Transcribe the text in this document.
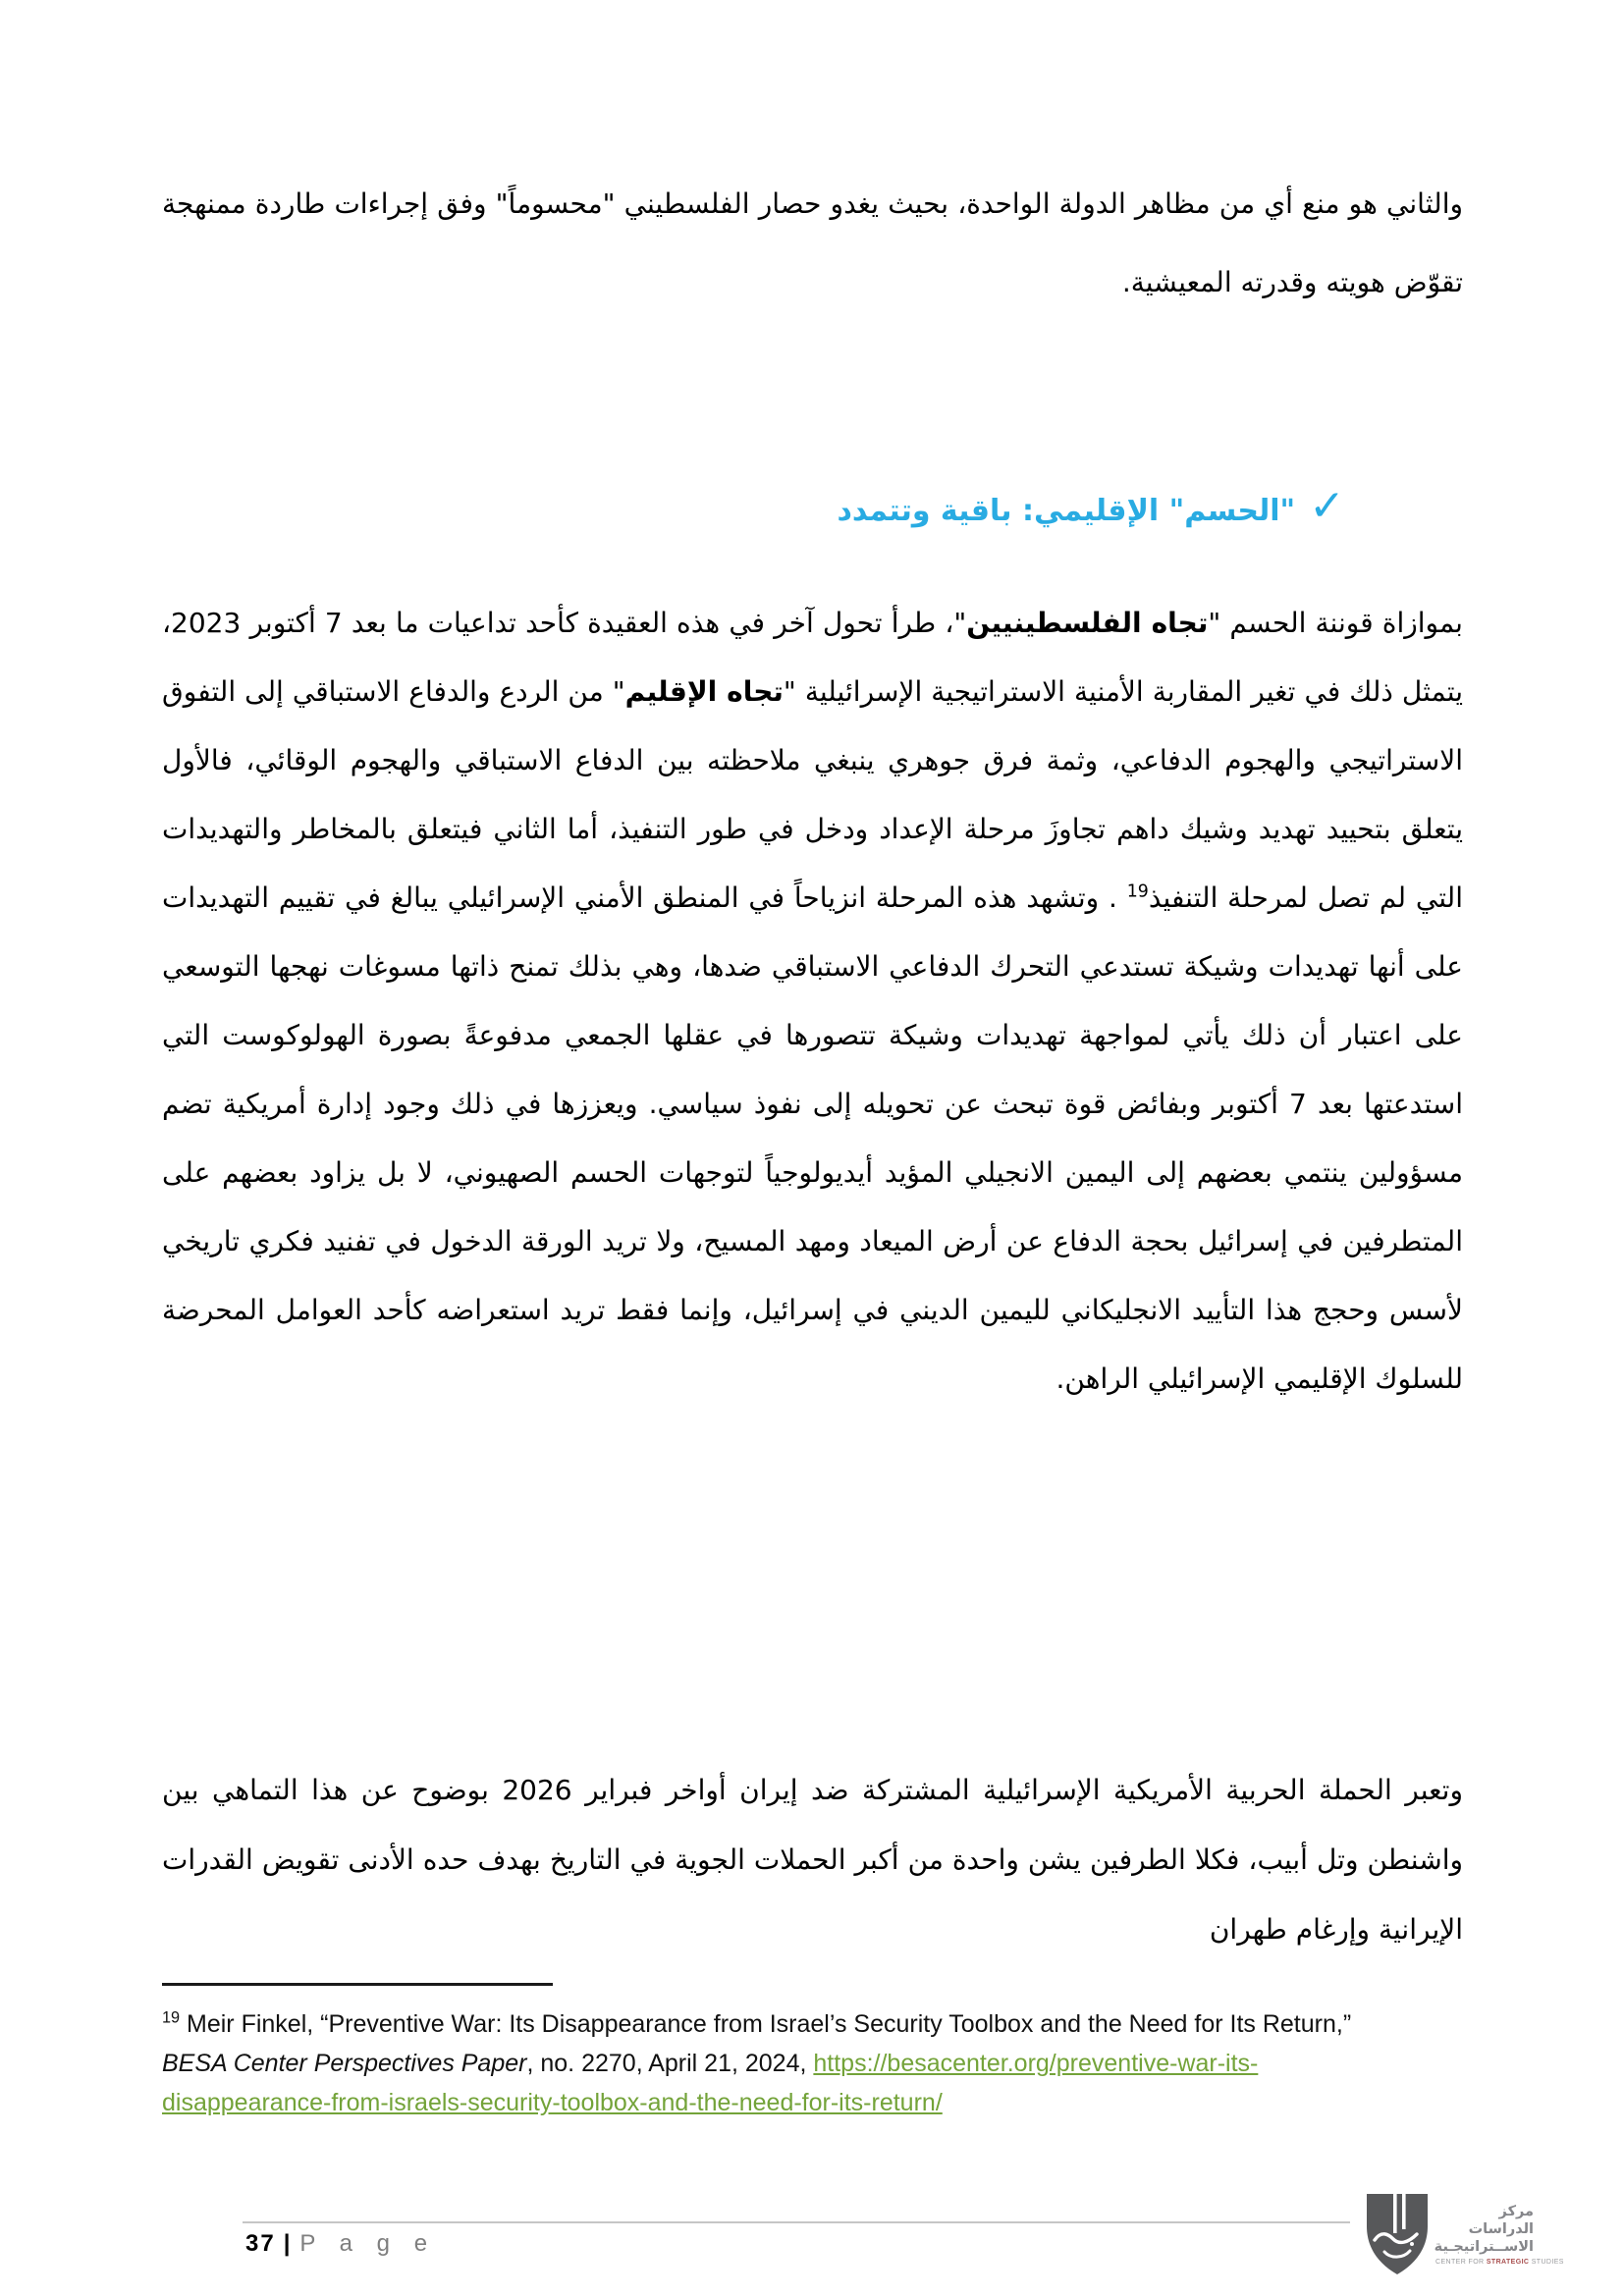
والثاني هو منع أي من مظاهر الدولة الواحدة، بحيث يغدو حصار الفلسطيني "محسوماً" وفق إجراءات طاردة ممنهجة تقوّض هويته وقدرته المعيشية.

✓
"الحسم" الإقليمي: باقية وتتمدد

بموازاة قوننة الحسم "تجاه الفلسطينيين"، طرأ تحول آخر في هذه العقيدة كأحد تداعيات ما بعد 7 أكتوبر 2023، يتمثل ذلك في تغير المقاربة الأمنية الاستراتيجية الإسرائيلية "تجاه الإقليم" من الردع والدفاع الاستباقي إلى التفوق الاستراتيجي والهجوم الدفاعي، وثمة فرق جوهري ينبغي ملاحظته بين الدفاع الاستباقي والهجوم الوقائي، فالأول يتعلق بتحييد تهديد وشيك داهم تجاوزَ مرحلة الإعداد ودخل في طور التنفيذ، أما الثاني فيتعلق بالمخاطر والتهديدات التي لم تصل لمرحلة التنفيذ$^{19}$ . وتشهد هذه المرحلة انزياحاً في المنطق الأمني الإسرائيلي يبالغ في تقييم التهديدات على أنها تهديدات وشيكة تستدعي التحرك الدفاعي الاستباقي ضدها، وهي بذلك تمنح ذاتها مسوغات نهجها التوسعي على اعتبار أن ذلك يأتي لمواجهة تهديدات وشيكة تتصورها في عقلها الجمعي مدفوعةً بصورة الهولوكوست التي استدعتها بعد 7 أكتوبر وبفائض قوة تبحث عن تحويله إلى نفوذ سياسي. ويعززها في ذلك وجود إدارة أمريكية تضم مسؤولين ينتمي بعضهم إلى اليمين الانجيلي المؤيد أيديولوجياً لتوجهات الحسم الصهيوني، لا بل يزاود بعضهم على المتطرفين في إسرائيل بحجة الدفاع عن أرض الميعاد ومهد المسيح، ولا تريد الورقة الدخول في تفنيد فكري تاريخي لأسس وحجج هذا التأييد الانجليكاني لليمين الديني في إسرائيل، وإنما فقط تريد استعراضه كأحد العوامل المحرضة للسلوك الإقليمي الإسرائيلي الراهن.

وتعبر الحملة الحربية الأمريكية الإسرائيلية المشتركة ضد إيران أواخر فبراير 2026 بوضوح عن هذا التماهي بين واشنطن وتل أبيب، فكلا الطرفين يشن واحدة من أكبر الحملات الجوية في التاريخ بهدف حده الأدنى تقويض القدرات الإيرانية وإرغام طهران

$^{19}$ Meir Finkel, “Preventive War: Its Disappearance from Israel’s Security Toolbox and the Need for Its Return,” BESA Center Perspectives Paper, no. 2270, April 21, 2024, https://besacenter.org/preventive-war-its-disappearance-from-israels-security-toolbox-and-the-need-for-its-return/

37 | P a g e

مركز الدراسات

الاســتراتيجـية

CENTER FOR STRATEGIC STUDIES
